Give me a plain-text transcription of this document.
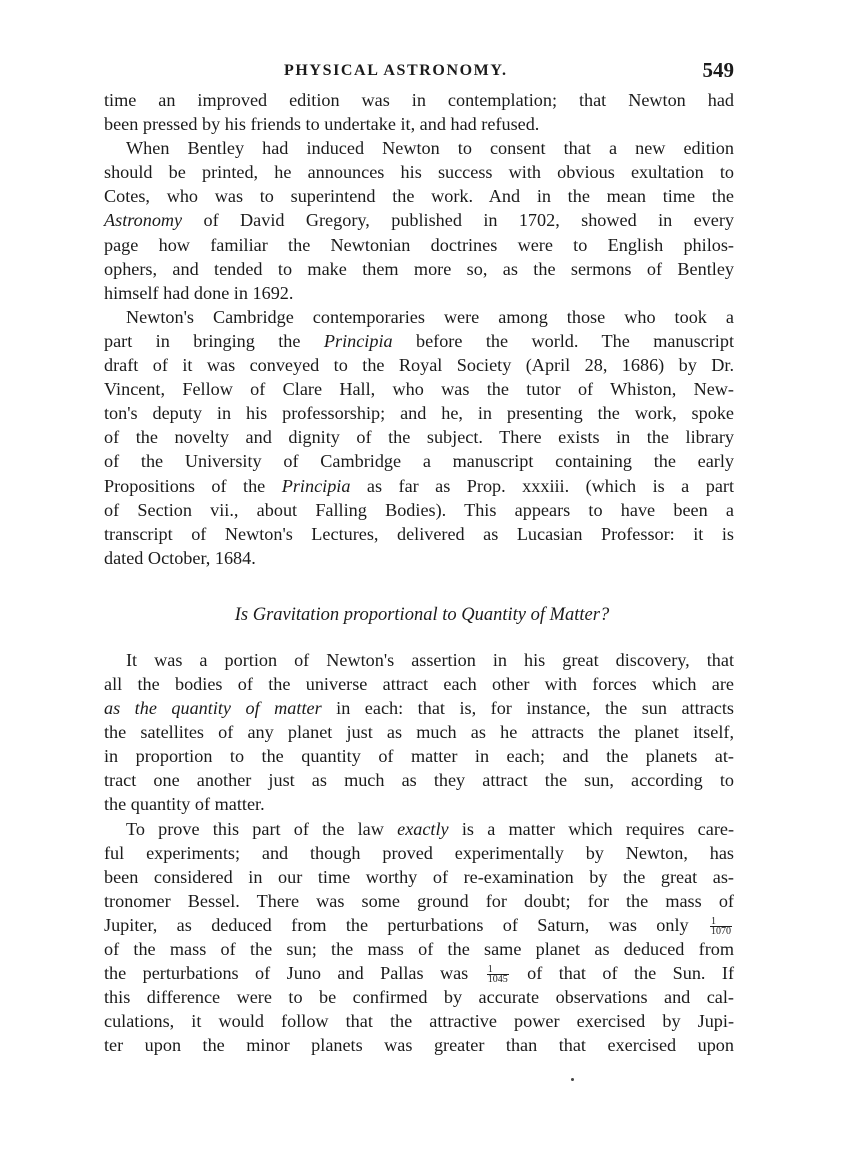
PHYSICAL ASTRONOMY.	549

time an improved edition was in contemplation; that Newton had
been pressed by his friends to undertake it, and had refused.

When Bentley had induced Newton to consent that a new edition
should be printed, he announces his success with obvious exultation to
Cotes, who was to superintend the work. And in the mean time the
Astronomy of David Gregory, published in 1702, showed in every
page how familiar the Newtonian doctrines were to English philos-
ophers, and tended to make them more so, as the sermons of Bentley
himself had done in 1692.

Newton's Cambridge contemporaries were among those who took a
part in bringing the Principia before the world. The manuscript
draft of it was conveyed to the Royal Society (April 28, 1686) by Dr.
Vincent, Fellow of Clare Hall, who was the tutor of Whiston, New-
ton's deputy in his professorship; and he, in presenting the work, spoke
of the novelty and dignity of the subject. There exists in the library
of the University of Cambridge a manuscript containing the early
Propositions of the Principia as far as Prop. xxxiii. (which is a part
of Section vii., about Falling Bodies). This appears to have been a
transcript of Newton's Lectures, delivered as Lucasian Professor: it is
dated October, 1684.

Is Gravitation proportional to Quantity of Matter?

It was a portion of Newton's assertion in his great discovery, that
all the bodies of the universe attract each other with forces which are
as the quantity of matter in each: that is, for instance, the sun attracts
the satellites of any planet just as much as he attracts the planet itself,
in proportion to the quantity of matter in each; and the planets at-
tract one another just as much as they attract the sun, according to
the quantity of matter.

To prove this part of the law exactly is a matter which requires care-
ful experiments; and though proved experimentally by Newton, has
been considered in our time worthy of re-examination by the great as-
tronomer Bessel. There was some ground for doubt; for the mass of
Jupiter, as deduced from the perturbations of Saturn, was only $\frac{1}{1070}$
of the mass of the sun; the mass of the same planet as deduced from
the perturbations of Juno and Pallas was $\frac{1}{1045}$ of that of the Sun. If
this difference were to be confirmed by accurate observations and cal-
culations, it would follow that the attractive power exercised by Jupi-
ter upon the minor planets was greater than that exercised upon
